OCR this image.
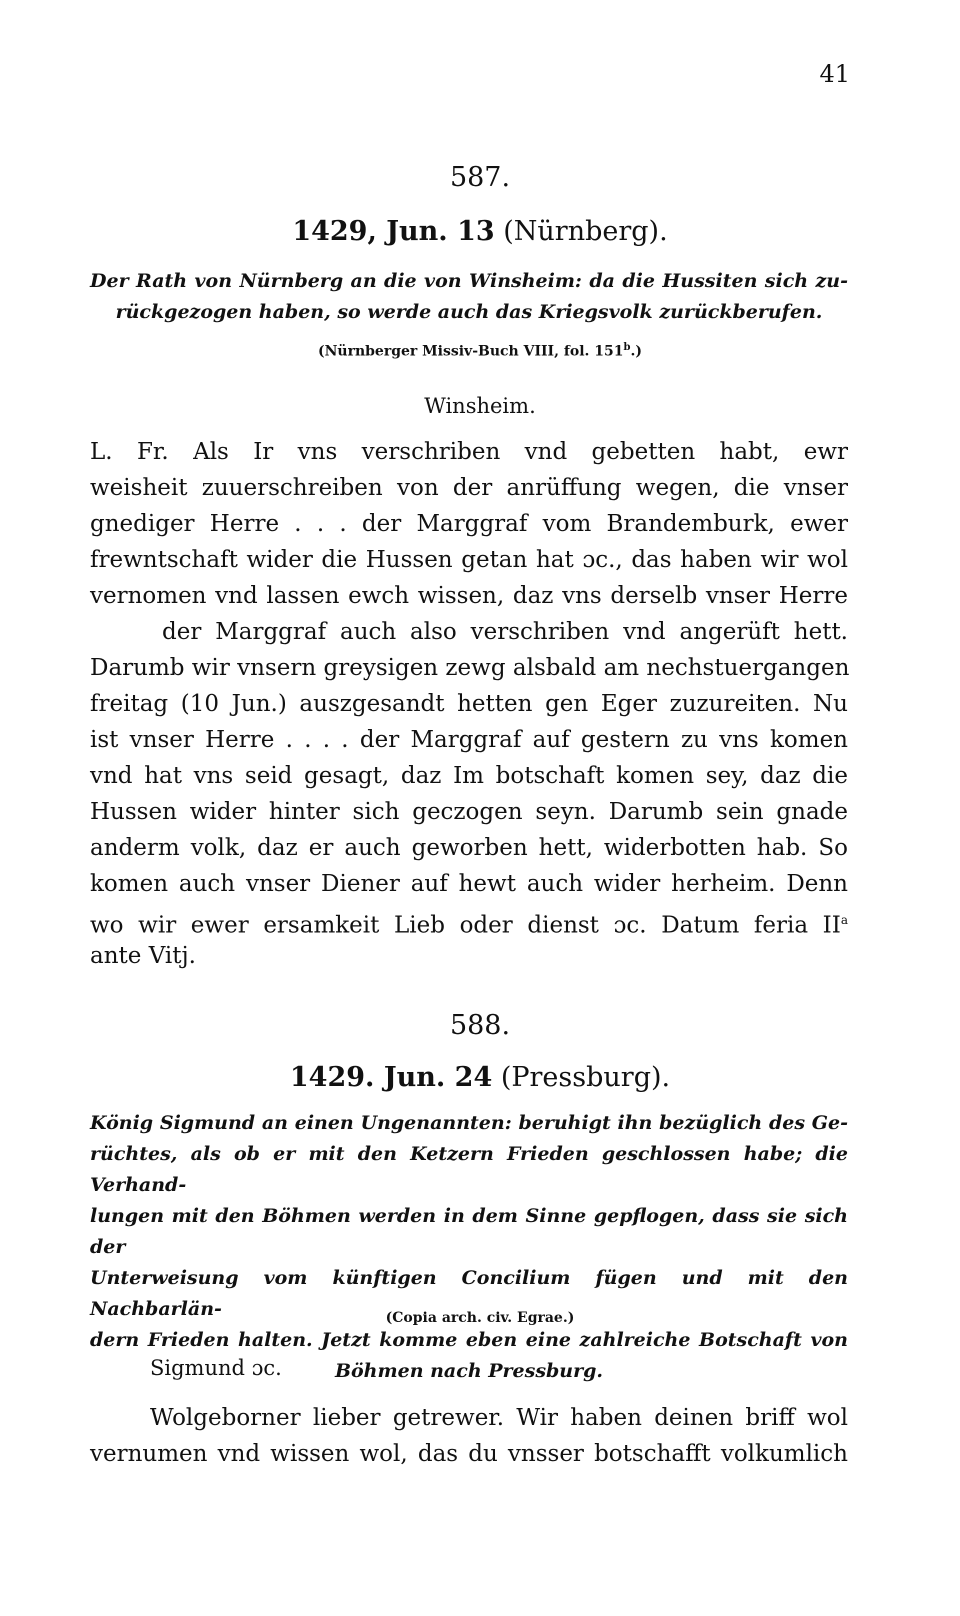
41
587.
1429, Jun. 13 (Nürnberg).
Der Rath von Nürnberg an die von Winsheim: da die Hussiten sich zu-
rückgezogen haben, so werde auch das Kriegsvolk zurückberufen.
(Nürnberger Missiv-Buch VIII, fol. 151$^b$.)
Winsheim.
L. Fr. Als Ir vns verschriben vnd gebetten habt, ewr
weisheit zuuerschreiben von der anrüffung wegen, die vnser
gnediger Herre . . . der Marggraf vom Brandemburk, ewer
frewntschaft wider die Hussen getan hat ɔc., das haben wir wol
vernomen vnd lassen ewch wissen, daz vns derselb vnser Herre
der Marggraf auch also verschriben vnd angerüft hett.
Darumb wir vnsern greysigen zewg alsbald am nechstuergangen
freitag (10 Jun.) auszgesandt hetten gen Eger zuzureiten. Nu
ist vnser Herre . . . . der Marggraf auf gestern zu vns komen
vnd hat vns seid gesagt, daz Im botschaft komen sey, daz die
Hussen wider hinter sich geczogen seyn. Darumb sein gnade
anderm volk, daz er auch geworben hett, widerbotten hab. So
komen auch vnser Diener auf hewt auch wider herheim. Denn
wo wir ewer ersamkeit Lieb oder dienst ɔc. Datum feria $II^a$
ante Vitj.
588.
1429. Jun. 24 (Pressburg).
König Sigmund an einen Ungenannten: beruhigt ihn bezüglich des Ge-
rüchtes, als ob er mit den Ketzern Frieden geschlossen habe; die Verhand-
lungen mit den Böhmen werden in dem Sinne gepflogen, dass sie sich der
Unterweisung vom künftigen Concilium fügen und mit den Nachbarlän-
dern Frieden halten. Jetzt komme eben eine zahlreiche Botschaft von
Böhmen nach Pressburg.
(Copia arch. civ. Egrae.)
Sigmund ɔc.
Wolgeborner lieber getrewer. Wir haben deinen briff wol
vernumen vnd wissen wol, das du vnsser botschafft volkumlich
